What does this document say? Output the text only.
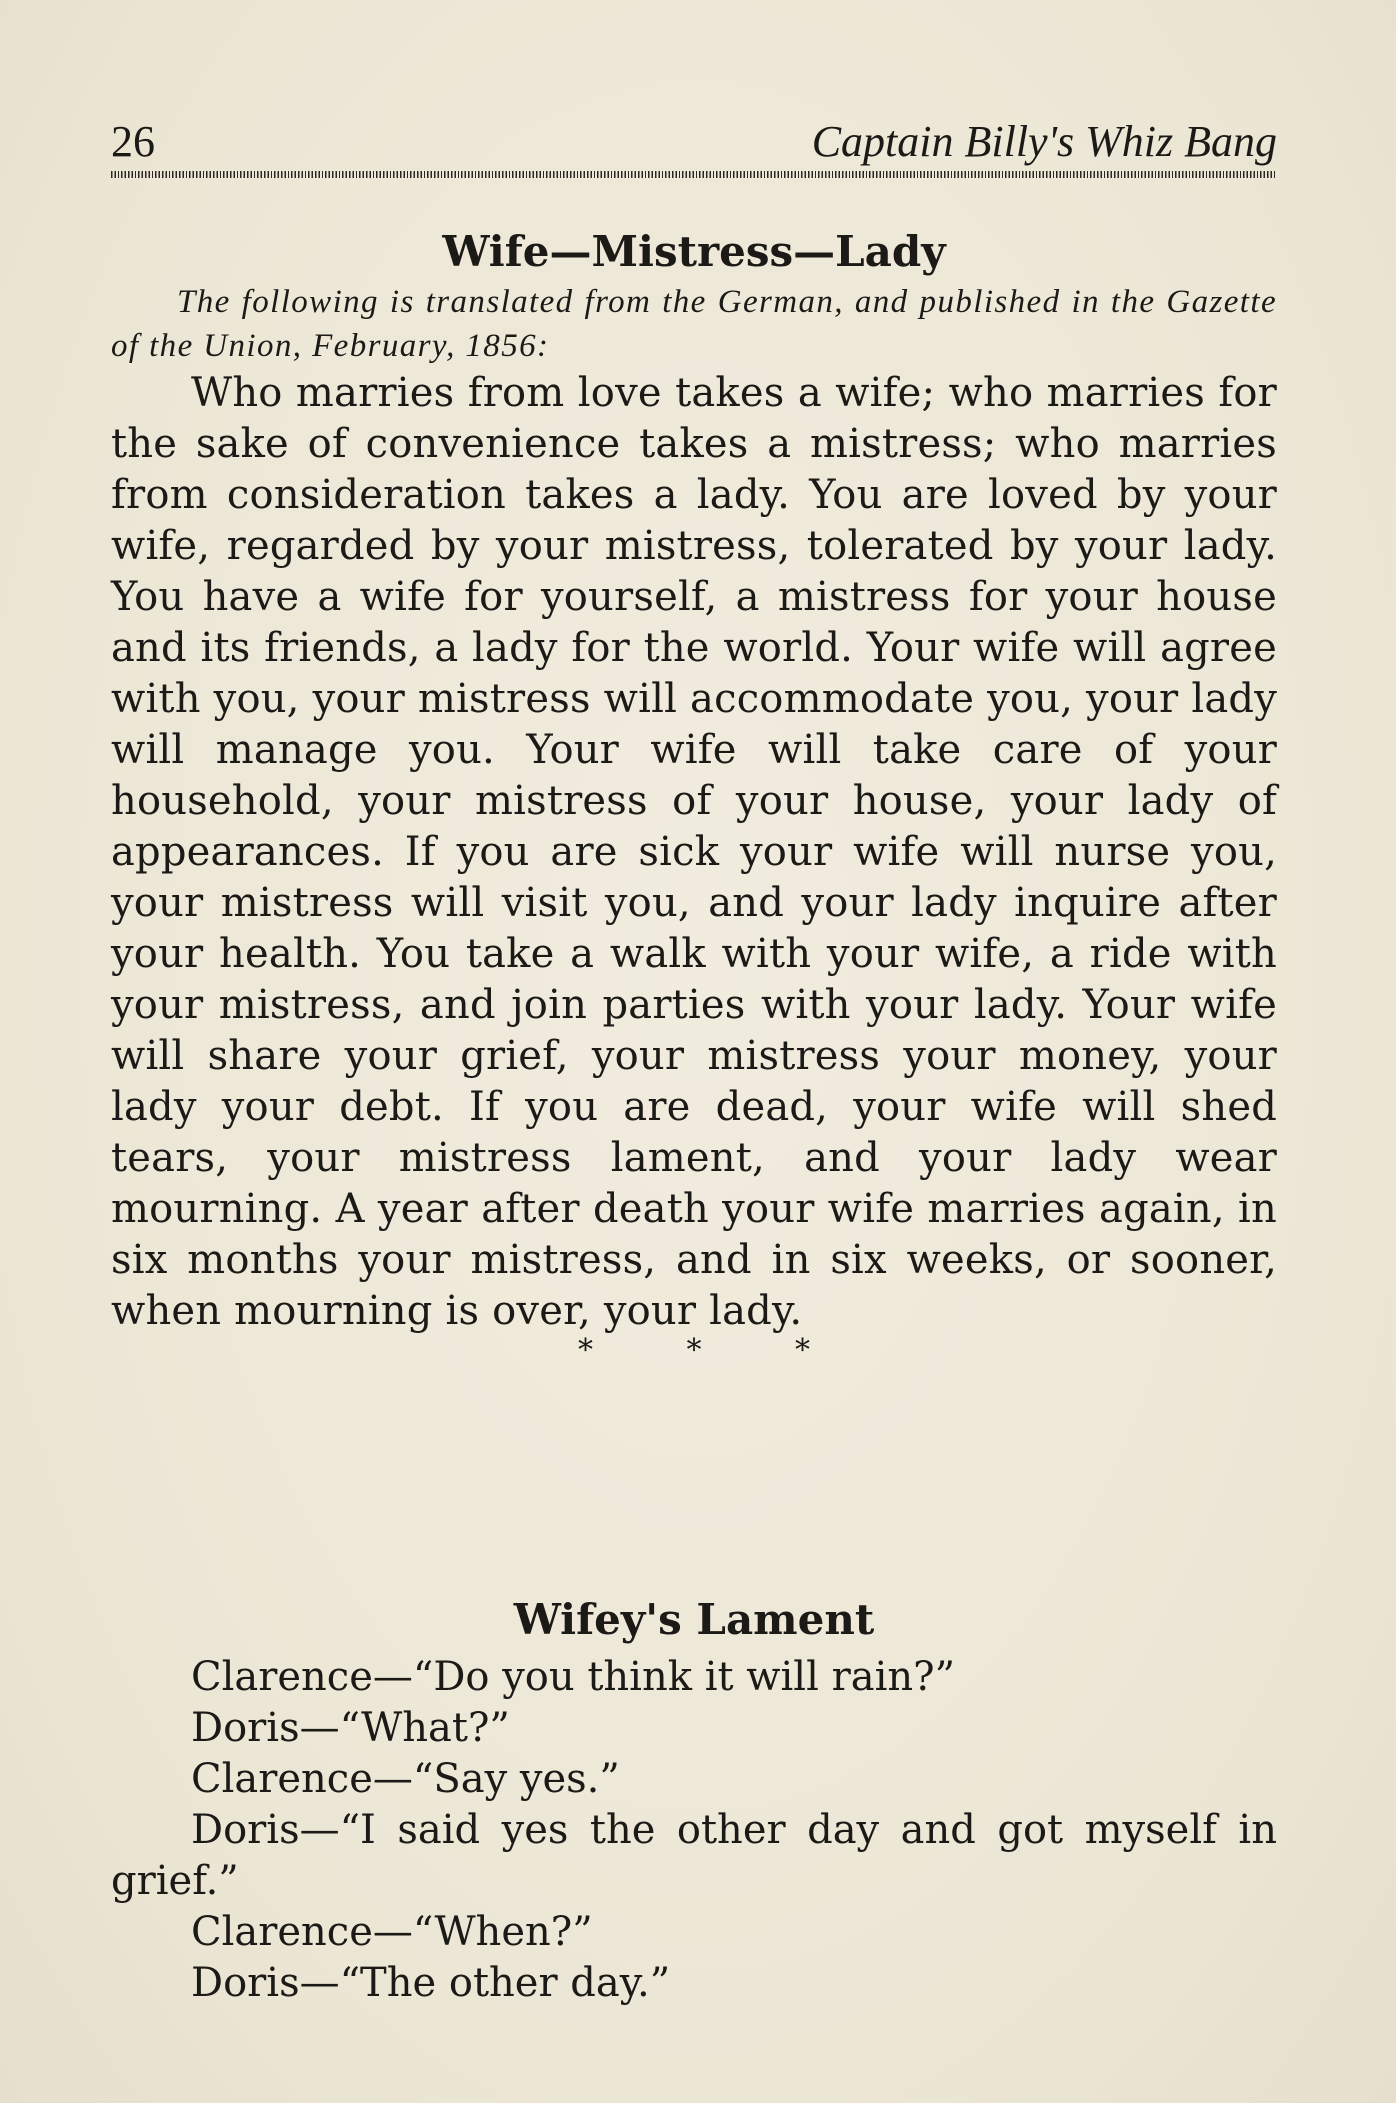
26	Captain Billy's Whiz Bang
Wife—Mistress—Lady

The following is translated from the German, and published in the Gazette of the Union, February, 1856:

Who marries from love takes a wife; who marries for the sake of convenience takes a mistress; who marries from consideration takes a lady. You are loved by your wife, regarded by your mistress, tolerated by your lady. You have a wife for yourself, a mistress for your house and its friends, a lady for the world. Your wife will agree with you, your mistress will accommodate you, your lady will manage you. Your wife will take care of your household, your mistress of your house, your lady of appearances. If you are sick your wife will nurse you, your mistress will visit you, and your lady inquire after your health. You take a walk with your wife, a ride with your mistress, and join parties with your lady. Your wife will share your grief, your mistress your money, your lady your debt. If you are dead, your wife will shed tears, your mistress lament, and your lady wear mourning. A year after death your wife marries again, in six months your mistress, and in six weeks, or sooner, when mourning is over, your lady.

* * *
Wifey's Lament

Clarence—“Do you think it will rain?”

Doris—“What?”

Clarence—“Say yes.”

Doris—“I said yes the other day and got myself in grief.”

Clarence—“When?”

Doris—“The other day.”
